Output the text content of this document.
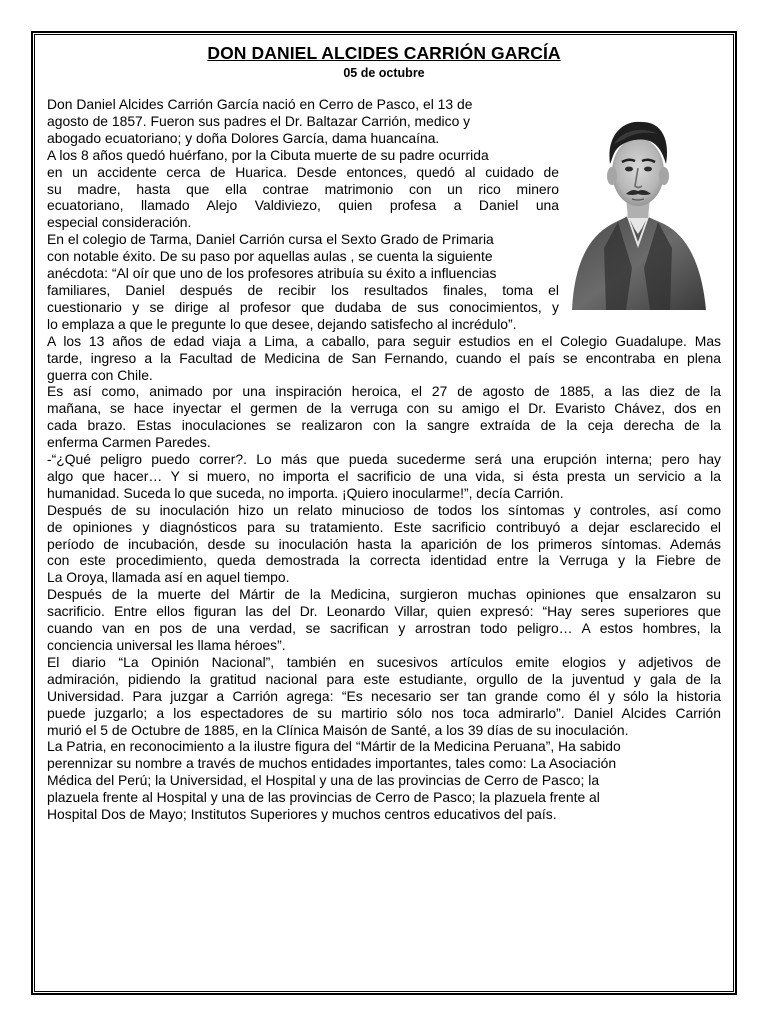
DON DANIEL ALCIDES CARRIÓN GARCÍA
05 de octubre
Don Daniel Alcides Carrión García nació en Cerro de Pasco, el 13 de
agosto de 1857. Fueron sus padres el Dr. Baltazar Carrión, medico y
abogado ecuatoriano; y doña Dolores García, dama huancaína.
A los 8 años quedó huérfano, por la Cibuta muerte de su padre ocurrida
en un accidente cerca de Huarica. Desde entonces, quedó al cuidado de
su madre, hasta que ella contrae matrimonio con un rico minero
ecuatoriano, llamado Alejo Valdiviezo, quien profesa a Daniel una
especial consideración.
En el colegio de Tarma, Daniel Carrión cursa el Sexto Grado de Primaria
con notable éxito. De su paso por aquellas aulas , se cuenta la siguiente
anécdota: “Al oír que uno de los profesores atribuía su éxito a influencias
familiares, Daniel después de recibir los resultados finales, toma el
cuestionario y se dirige al profesor que dudaba de sus conocimientos, y
lo emplaza a que le pregunte lo que desee, dejando satisfecho al incrédulo”.
A los 13 años de edad viaja a Lima, a caballo, para seguir estudios en el Colegio Guadalupe. Mas
tarde, ingreso a la Facultad de Medicina de San Fernando, cuando el país se encontraba en plena
guerra con Chile.
Es así como, animado por una inspiración heroica, el 27 de agosto de 1885, a las diez de la
mañana, se hace inyectar el germen de la verruga con su amigo el Dr. Evaristo Chávez, dos en
cada brazo. Estas inoculaciones se realizaron con la sangre extraída de la ceja derecha de la
enferma Carmen Paredes.
-“¿Qué peligro puedo correr?. Lo más que pueda sucederme será una erupción interna; pero hay
algo que hacer… Y si muero, no importa el sacrificio de una vida, si ésta presta un servicio a la
humanidad. Suceda lo que suceda, no importa. ¡Quiero inocularme!”, decía Carrión.
Después de su inoculación hizo un relato minucioso de todos los síntomas y controles, así como
de opiniones y diagnósticos para su tratamiento. Este sacrificio contribuyó a dejar esclarecido el
período de incubación, desde su inoculación hasta la aparición de los primeros síntomas. Además
con este procedimiento, queda demostrada la correcta identidad entre la Verruga y la Fiebre de
La Oroya, llamada así en aquel tiempo.
Después de la muerte del Mártir de la Medicina, surgieron muchas opiniones que ensalzaron su
sacrificio. Entre ellos figuran las del Dr. Leonardo Villar, quien expresó: “Hay seres superiores que
cuando van en pos de una verdad, se sacrifican y arrostran todo peligro… A estos hombres, la
conciencia universal les llama héroes”.
El diario “La Opinión Nacional”, también en sucesivos artículos emite elogios y adjetivos de
admiración, pidiendo la gratitud nacional para este estudiante, orgullo de la juventud y gala de la
Universidad. Para juzgar a Carrión agrega: “Es necesario ser tan grande como él y sólo la historia
puede juzgarlo; a los espectadores de su martirio sólo nos toca admirarlo”. Daniel Alcides Carrión
murió el 5 de Octubre de 1885, en la Clínica Maisón de Santé, a los 39 días de su inoculación.
La Patria, en reconocimiento a la ilustre figura del “Mártir de la Medicina Peruana”, Ha sabido
perennizar su nombre a través de muchos entidades importantes, tales como: La Asociación
Médica del Perú; la Universidad, el Hospital y una de las provincias de Cerro de Pasco; la
plazuela frente al Hospital y una de las provincias de Cerro de Pasco; la plazuela frente al
Hospital Dos de Mayo; Institutos Superiores y muchos centros educativos del país.
